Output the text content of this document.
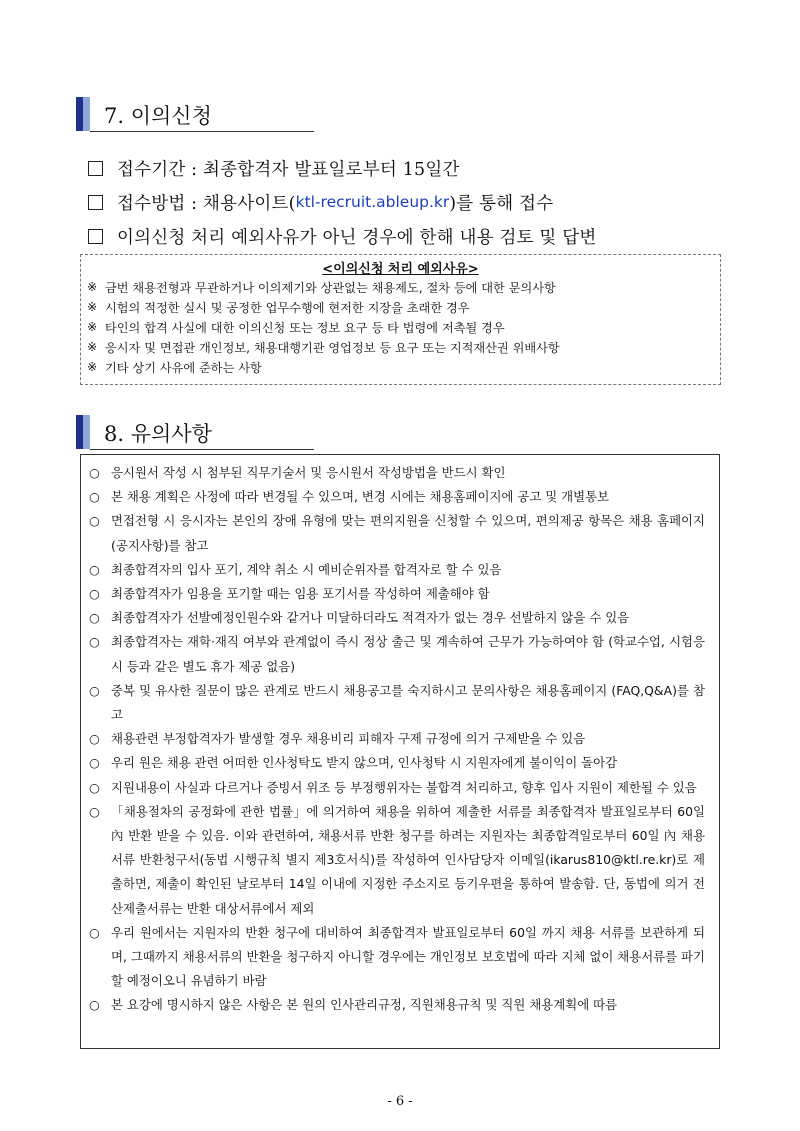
7. 이의신청
접수기간 : 최종합격자 발표일로부터 15일간
접수방법 : 채용사이트( ktl-recruit.ableup.kr )를 통해 접수
이의신청 처리 예외사유가 아닌 경우에 한해 내용 검토 및 답변
<이의신청 처리 예외사유>
※ 금번 채용전형과 무관하거나 이의제기와 상관없는 채용제도, 절차 등에 대한 문의사항
※ 시험의 적정한 실시 및 공정한 업무수행에 현저한 지장을 초래한 경우
※ 타인의 합격 사실에 대한 이의신청 또는 정보 요구 등 타 법령에 저촉될 경우
※ 응시자 및 면접관 개인정보, 채용대행기관 영업정보 등 요구 또는 지적재산권 위배사항
※ 기타 상기 사유에 준하는 사항
8. 유의사항
○ 응시원서 작성 시 첨부된 직무기술서 및 응시원서 작성방법을 반드시 확인
○ 본 채용 계획은 사정에 따라 변경될 수 있으며, 변경 시에는 채용홈페이지에 공고 및 개별통보
○ 면접전형 시 응시자는 본인의 장애 유형에 맞는 편의지원을 신청할 수 있으며, 편의제공 항목은 채용 홈페이지(공지사항)를 참고
○ 최종합격자의 입사 포기, 계약 취소 시 예비순위자를 합격자로 할 수 있음
○ 최종합격자가 임용을 포기할 때는 임용 포기서를 작성하여 제출해야 함
○ 최종합격자가 선발예정인원수와 같거나 미달하더라도 적격자가 없는 경우 선발하지 않을 수 있음
○ 최종합격자는 재학·재직 여부와 관계없이 즉시 정상 출근 및 계속하여 근무가 가능하여야 함 (학교수업, 시험응시 등과 같은 별도 휴가 제공 없음)
○ 중복 및 유사한 질문이 많은 관계로 반드시 채용공고를 숙지하시고 문의사항은 채용홈페이지 (FAQ,Q&A)를 참고
○ 채용관련 부정합격자가 발생할 경우 채용비리 피해자 구제 규정에 의거 구제받을 수 있음
○ 우리 원은 채용 관련 어떠한 인사청탁도 받지 않으며, 인사청탁 시 지원자에게 불이익이 돌아감
○ 지원내용이 사실과 다르거나 증빙서 위조 등 부정행위자는 불합격 처리하고, 향후 입사 지원이 제한될 수 있음
○ 「채용절차의 공정화에 관한 법률」에 의거하여 채용을 위하여 제출한 서류를 최종합격자 발표일로부터 60일 內 반환 받을 수 있음. 이와 관련하여, 채용서류 반환 청구를 하려는 지원자는 최종합격일로부터 60일 內 채용 서류 반환청구서(동법 시행규칙 별지 제3호서식)를 작성하여 인사담당자 이메일(ikarus810@ktl.re.kr)로 제출하면, 제출이 확인된 날로부터 14일 이내에 지정한 주소지로 등기우편을 통하여 발송함. 단, 동법에 의거 전산제출서류는 반환 대상서류에서 제외
○ 우리 원에서는 지원자의 반환 청구에 대비하여 최종합격자 발표일로부터 60일 까지 채용 서류를 보관하게 되며, 그때까지 채용서류의 반환을 청구하지 아니할 경우에는 개인정보 보호법에 따라 지체 없이 채용서류를 파기할 예정이오니 유념하기 바람
○ 본 요강에 명시하지 않은 사항은 본 원의 인사관리규정, 직원채용규칙 및 직원 채용계획에 따름
- 6 -
